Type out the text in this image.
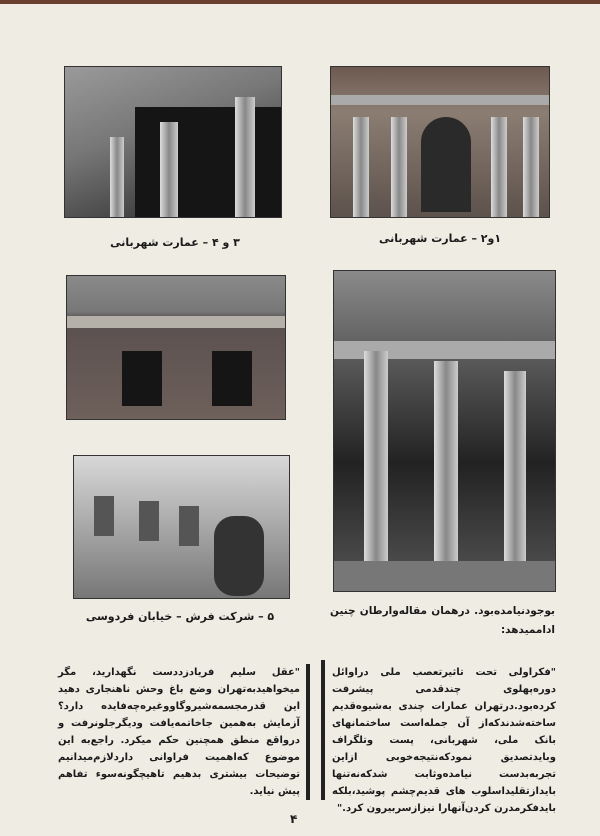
۱و۲ – عمارت شهربانی
۳ و ۴ – عمارت شهربانی
۵ – شرکت فرش – خیابان فردوسی	بوجودنیامده‌بود. درهمان مقاله‌وارطان چنین اداممیدهد:
"فکراولی تحت تاثیرتعصب ملی دراوائل دوره‌پهلوی چندقدمی پیشرفت کرده‌بود.درتهران عمارات چندی به‌شیوه‌قدیم ساخته‌شدندکه‌از آن جمله‌است ساختمانهای بانک ملی، شهربانی، پست وتلگراف وبایدتصدیق نمودکه‌نتیجه‌خوبی ازاین تجربه‌بدست نیامده‌وثابت شدکه‌نه‌تنها بایدازتقلیداسلوب های قدیم‌چشم پوشید،بلکه بایدفکرمدرن کردن‌آنهارا نیزازسربیرون کرد."
"عقل سلیم فریادزددست نگهدارید، مگر میخواهیدبه‌تهران وضع باغ وحش ناهنجاری دهید این قدرمجسمه‌شیروگاووغیره‌چه‌فایده دارد؟ آزمایش به‌همین جاخاتمه‌یافت ودیگرجلونرفت و درواقع منطق همچنین حکم میکرد. راجع‌به این موضوع که‌اهمیت فراوانی داردلازم‌میدانیم توضیحات بیشتری بدهیم تاهیچگونه‌سوء تفاهم پیش نیاید.
۴
